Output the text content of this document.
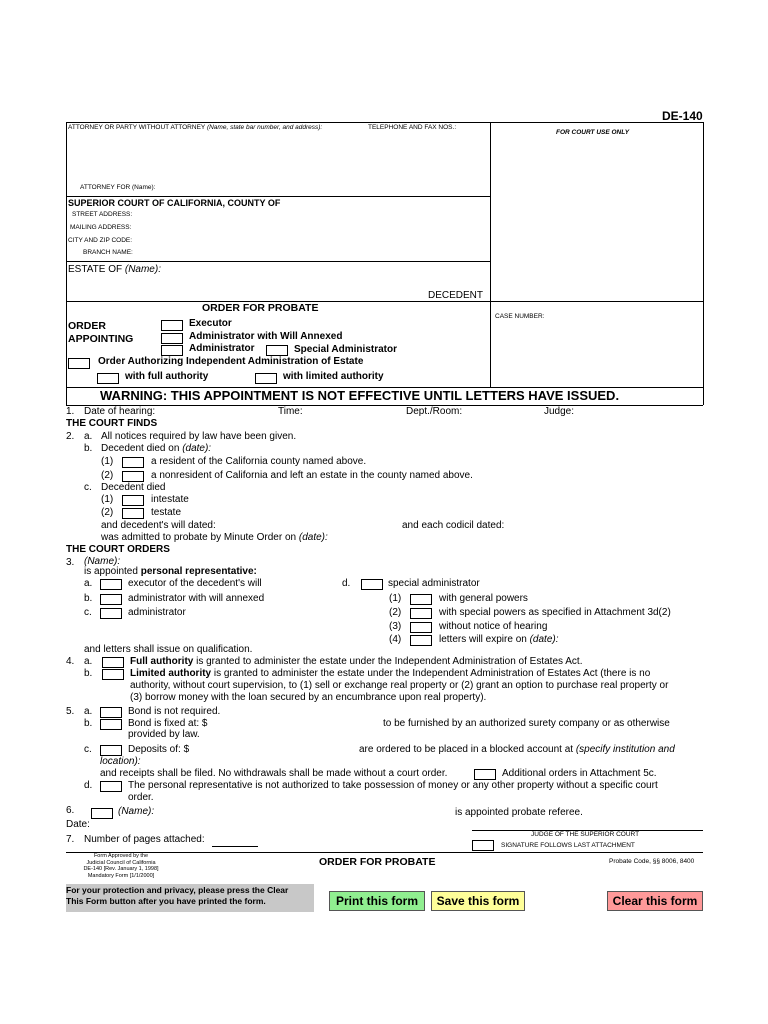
DE-140
ATTORNEY OR PARTY WITHOUT ATTORNEY (Name, state bar number, and address):	TELEPHONE AND FAX NOS.:
FOR COURT USE ONLY
ATTORNEY FOR (Name):
SUPERIOR COURT OF CALIFORNIA, COUNTY OF
STREET ADDRESS:
MAILING ADDRESS:
CITY AND ZIP CODE:
BRANCH NAME:
ESTATE OF (Name):
DECEDENT
ORDER FOR PROBATE
ORDER
APPOINTING
Executor
Administrator with Will Annexed
Administrator	Special Administrator
Order Authorizing Independent Administration of Estate
with full authority	with limited authority
CASE NUMBER:
WARNING: THIS APPOINTMENT IS NOT EFFECTIVE UNTIL LETTERS HAVE ISSUED.
1. Date of hearing:	Time:	Dept./Room:	Judge:
THE COURT FINDS
2. a. All notices required by law have been given.
b. Decedent died on (date):
(1)	a resident of the California county named above.
(2)	a nonresident of California and left an estate in the county named above.
c. Decedent died
(1)	intestate
(2)	testate
and decedent's will dated:	and each codicil dated:
was admitted to probate by Minute Order on (date):
THE COURT ORDERS
3. (Name):
is appointed personal representative:
a.	executor of the decedent's will
b.	administrator with will annexed
c.	administrator
d.	special administrator
(1)	with general powers
(2)	with special powers as specified in Attachment 3d(2)
(3)	without notice of hearing
(4)	letters will expire on (date):
and letters shall issue on qualification.
4. a.	Full authority is granted to administer the estate under the Independent Administration of Estates Act.
b.	Limited authority is granted to administer the estate under the Independent Administration of Estates Act (there is no
authority, without court supervision, to (1) sell or exchange real property or (2) grant an option to purchase real property or
(3) borrow money with the loan secured by an encumbrance upon real property).
5. a.	Bond is not required.
b.	Bond is fixed at: $	to be furnished by an authorized surety company or as otherwise
provided by law.
c.	Deposits of: $	are ordered to be placed in a blocked account at (specify institution and
location):
and receipts shall be filed. No withdrawals shall be made without a court order.	Additional orders in Attachment 5c.
d.	The personal representative is not authorized to take possession of money or any other property without a specific court
order.
6.	(Name):	is appointed probate referee.
Date:
7. Number of pages attached:	JUDGE OF THE SUPERIOR COURT
SIGNATURE FOLLOWS LAST ATTACHMENT
Form Approved by the
Judicial Council of California
DE-140 [Rev. January 1, 1998]
Mandatory Form [1/1/2000]
ORDER FOR PROBATE	Probate Code, §§ 8006, 8400
For your protection and privacy, please press the Clear
This Form button after you have printed the form.	Print this form	Save this form	Clear this form
